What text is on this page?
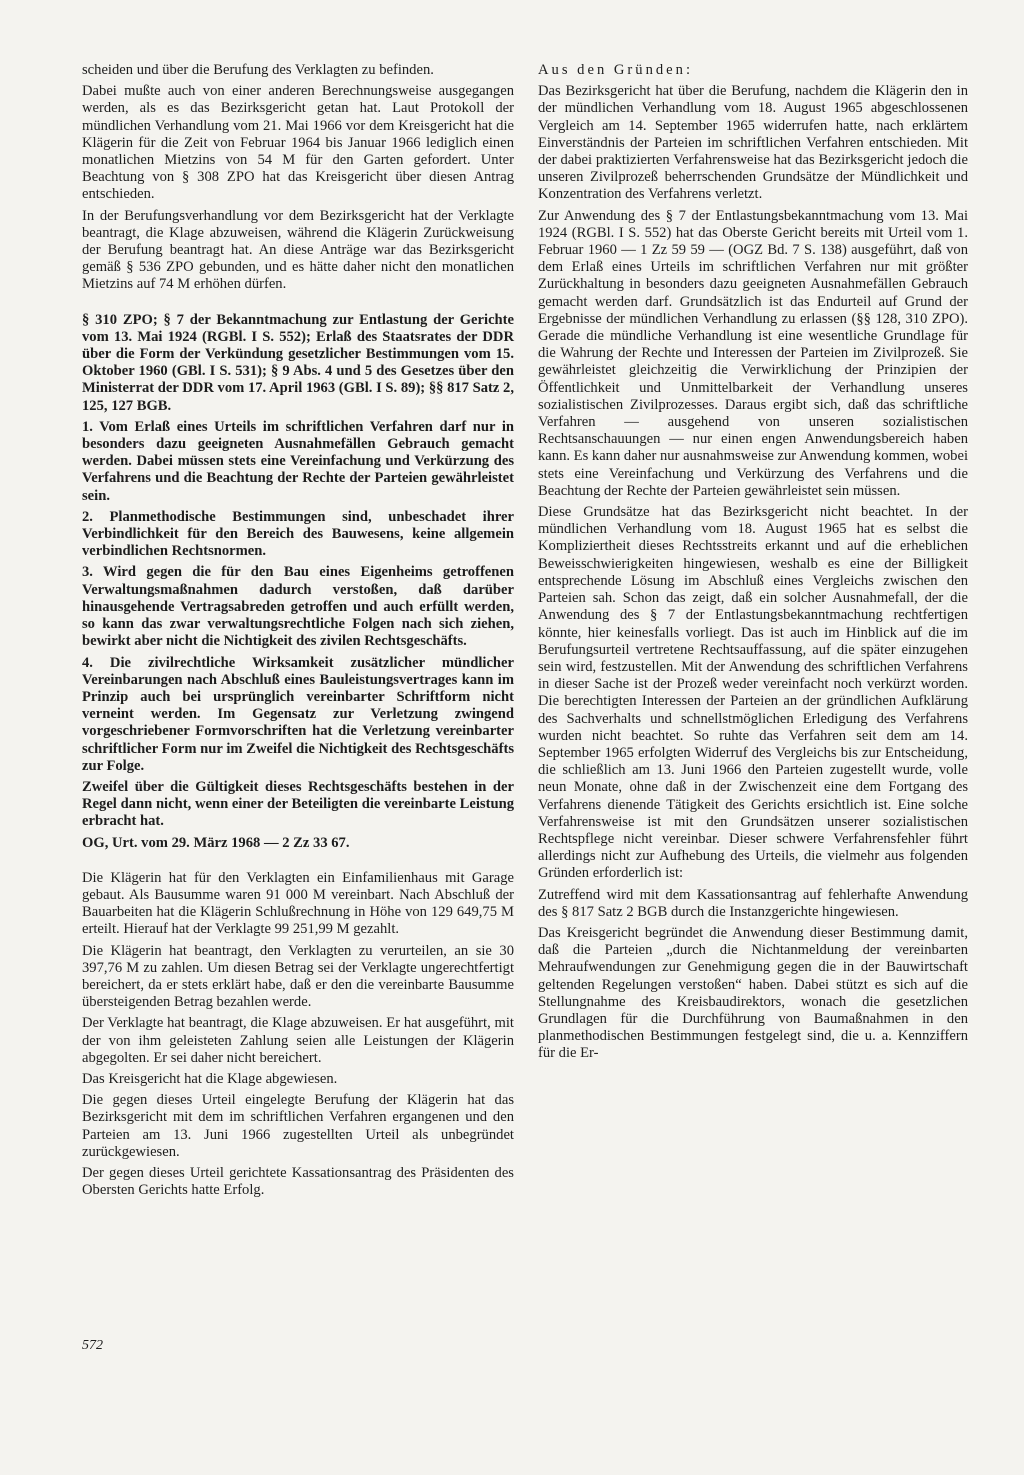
scheiden und über die Berufung des Verklagten zu befinden.

Dabei mußte auch von einer anderen Berechnungsweise ausgegangen werden, als es das Bezirksgericht getan hat. Laut Protokoll der mündlichen Verhandlung vom 21. Mai 1966 vor dem Kreisgericht hat die Klägerin für die Zeit von Februar 1964 bis Januar 1966 lediglich einen monatlichen Mietzins von 54 M für den Garten gefordert. Unter Beachtung von § 308 ZPO hat das Kreisgericht über diesen Antrag entschieden.

In der Berufungsverhandlung vor dem Bezirksgericht hat der Verklagte beantragt, die Klage abzuweisen, während die Klägerin Zurückweisung der Berufung beantragt hat. An diese Anträge war das Bezirksgericht gemäß § 536 ZPO gebunden, und es hätte daher nicht den monatlichen Mietzins auf 74 M erhöhen dürfen.

§ 310 ZPO; § 7 der Bekanntmachung zur Entlastung der Gerichte vom 13. Mai 1924 (RGBl. I S. 552); Erlaß des Staatsrates der DDR über die Form der Verkündung gesetzlicher Bestimmungen vom 15. Oktober 1960 (GBl. I S. 531); § 9 Abs. 4 und 5 des Gesetzes über den Ministerrat der DDR vom 17. April 1963 (GBl. I S. 89); §§ 817 Satz 2, 125, 127 BGB.

1. Vom Erlaß eines Urteils im schriftlichen Verfahren darf nur in besonders dazu geeigneten Ausnahmefällen Gebrauch gemacht werden. Dabei müssen stets eine Vereinfachung und Verkürzung des Verfahrens und die Beachtung der Rechte der Parteien gewährleistet sein.

2. Planmethodische Bestimmungen sind, unbeschadet ihrer Verbindlichkeit für den Bereich des Bauwesens, keine allgemein verbindlichen Rechtsnormen.

3. Wird gegen die für den Bau eines Eigenheims getroffenen Verwaltungsmaßnahmen dadurch verstoßen, daß darüber hinausgehende Vertragsabreden getroffen und auch erfüllt werden, so kann das zwar verwaltungsrechtliche Folgen nach sich ziehen, bewirkt aber nicht die Nichtigkeit des zivilen Rechtsgeschäfts.

4. Die zivilrechtliche Wirksamkeit zusätzlicher mündlicher Vereinbarungen nach Abschluß eines Bauleistungsvertrages kann im Prinzip auch bei ursprünglich vereinbarter Schriftform nicht verneint werden. Im Gegensatz zur Verletzung zwingend vorgeschriebener Formvorschriften hat die Verletzung vereinbarter schriftlicher Form nur im Zweifel die Nichtigkeit des Rechtsgeschäfts zur Folge.

Zweifel über die Gültigkeit dieses Rechtsgeschäfts bestehen in der Regel dann nicht, wenn einer der Beteiligten die vereinbarte Leistung erbracht hat.

OG, Urt. vom 29. März 1968 — 2 Zz 33 67.

Die Klägerin hat für den Verklagten ein Einfamilienhaus mit Garage gebaut. Als Bausumme waren 91 000 M vereinbart. Nach Abschluß der Bauarbeiten hat die Klägerin Schlußrechnung in Höhe von 129 649,75 M erteilt. Hierauf hat der Verklagte 99 251,99 M gezahlt.

Die Klägerin hat beantragt, den Verklagten zu verurteilen, an sie 30 397,76 M zu zahlen. Um diesen Betrag sei der Verklagte ungerechtfertigt bereichert, da er stets erklärt habe, daß er den die vereinbarte Bausumme übersteigenden Betrag bezahlen werde.

Der Verklagte hat beantragt, die Klage abzuweisen. Er hat ausgeführt, mit der von ihm geleisteten Zahlung seien alle Leistungen der Klägerin abgegolten. Er sei daher nicht bereichert.

Das Kreisgericht hat die Klage abgewiesen.

Die gegen dieses Urteil eingelegte Berufung der Klägerin hat das Bezirksgericht mit dem im schriftlichen Verfahren ergangenen und den Parteien am 13. Juni 1966 zugestellten Urteil als unbegründet zurückgewiesen.

Der gegen dieses Urteil gerichtete Kassationsantrag des Präsidenten des Obersten Gerichts hatte Erfolg.

Aus den Gründen:

Das Bezirksgericht hat über die Berufung, nachdem die Klägerin den in der mündlichen Verhandlung vom 18. August 1965 abgeschlossenen Vergleich am 14. September 1965 widerrufen hatte, nach erklärtem Einverständnis der Parteien im schriftlichen Verfahren entschieden. Mit der dabei praktizierten Verfahrensweise hat das Bezirksgericht jedoch die unseren Zivilprozeß beherrschenden Grundsätze der Mündlichkeit und Konzentration des Verfahrens verletzt.

Zur Anwendung des § 7 der Entlastungsbekanntmachung vom 13. Mai 1924 (RGBl. I S. 552) hat das Oberste Gericht bereits mit Urteil vom 1. Februar 1960 — 1 Zz 59 59 — (OGZ Bd. 7 S. 138) ausgeführt, daß von dem Erlaß eines Urteils im schriftlichen Verfahren nur mit größter Zurückhaltung in besonders dazu geeigneten Ausnahmefällen Gebrauch gemacht werden darf. Grundsätzlich ist das Endurteil auf Grund der Ergebnisse der mündlichen Verhandlung zu erlassen (§§ 128, 310 ZPO). Gerade die mündliche Verhandlung ist eine wesentliche Grundlage für die Wahrung der Rechte und Interessen der Parteien im Zivilprozeß. Sie gewährleistet gleichzeitig die Verwirklichung der Prinzipien der Öffentlichkeit und Unmittelbarkeit der Verhandlung unseres sozialistischen Zivilprozesses. Daraus ergibt sich, daß das schriftliche Verfahren — ausgehend von unseren sozialistischen Rechtsanschauungen — nur einen engen Anwendungsbereich haben kann. Es kann daher nur ausnahmsweise zur Anwendung kommen, wobei stets eine Vereinfachung und Verkürzung des Verfahrens und die Beachtung der Rechte der Parteien gewährleistet sein müssen.

Diese Grundsätze hat das Bezirksgericht nicht beachtet. In der mündlichen Verhandlung vom 18. August 1965 hat es selbst die Kompliziertheit dieses Rechtsstreits erkannt und auf die erheblichen Beweisschwierigkeiten hingewiesen, weshalb es eine der Billigkeit entsprechende Lösung im Abschluß eines Vergleichs zwischen den Parteien sah. Schon das zeigt, daß ein solcher Ausnahmefall, der die Anwendung des § 7 der Entlastungsbekanntmachung rechtfertigen könnte, hier keinesfalls vorliegt. Das ist auch im Hinblick auf die im Berufungsurteil vertretene Rechtsauffassung, auf die später einzugehen sein wird, festzustellen. Mit der Anwendung des schriftlichen Verfahrens in dieser Sache ist der Prozeß weder vereinfacht noch verkürzt worden. Die berechtigten Interessen der Parteien an der gründlichen Aufklärung des Sachverhalts und schnellstmöglichen Erledigung des Verfahrens wurden nicht beachtet. So ruhte das Verfahren seit dem am 14. September 1965 erfolgten Widerruf des Vergleichs bis zur Entscheidung, die schließlich am 13. Juni 1966 den Parteien zugestellt wurde, volle neun Monate, ohne daß in der Zwischenzeit eine dem Fortgang des Verfahrens dienende Tätigkeit des Gerichts ersichtlich ist. Eine solche Verfahrensweise ist mit den Grundsätzen unserer sozialistischen Rechtspflege nicht vereinbar. Dieser schwere Verfahrensfehler führt allerdings nicht zur Aufhebung des Urteils, die vielmehr aus folgenden Gründen erforderlich ist:

Zutreffend wird mit dem Kassationsantrag auf fehlerhafte Anwendung des § 817 Satz 2 BGB durch die Instanzgerichte hingewiesen.

Das Kreisgericht begründet die Anwendung dieser Bestimmung damit, daß die Parteien „durch die Nichtanmeldung der vereinbarten Mehraufwendungen zur Genehmigung gegen die in der Bauwirtschaft geltenden Regelungen verstoßen“ haben. Dabei stützt es sich auf die Stellungnahme des Kreisbaudirektors, wonach die gesetzlichen Grundlagen für die Durchführung von Baumaßnahmen in den planmethodischen Bestimmungen festgelegt sind, die u. a. Kennziffern für die Er-

572
